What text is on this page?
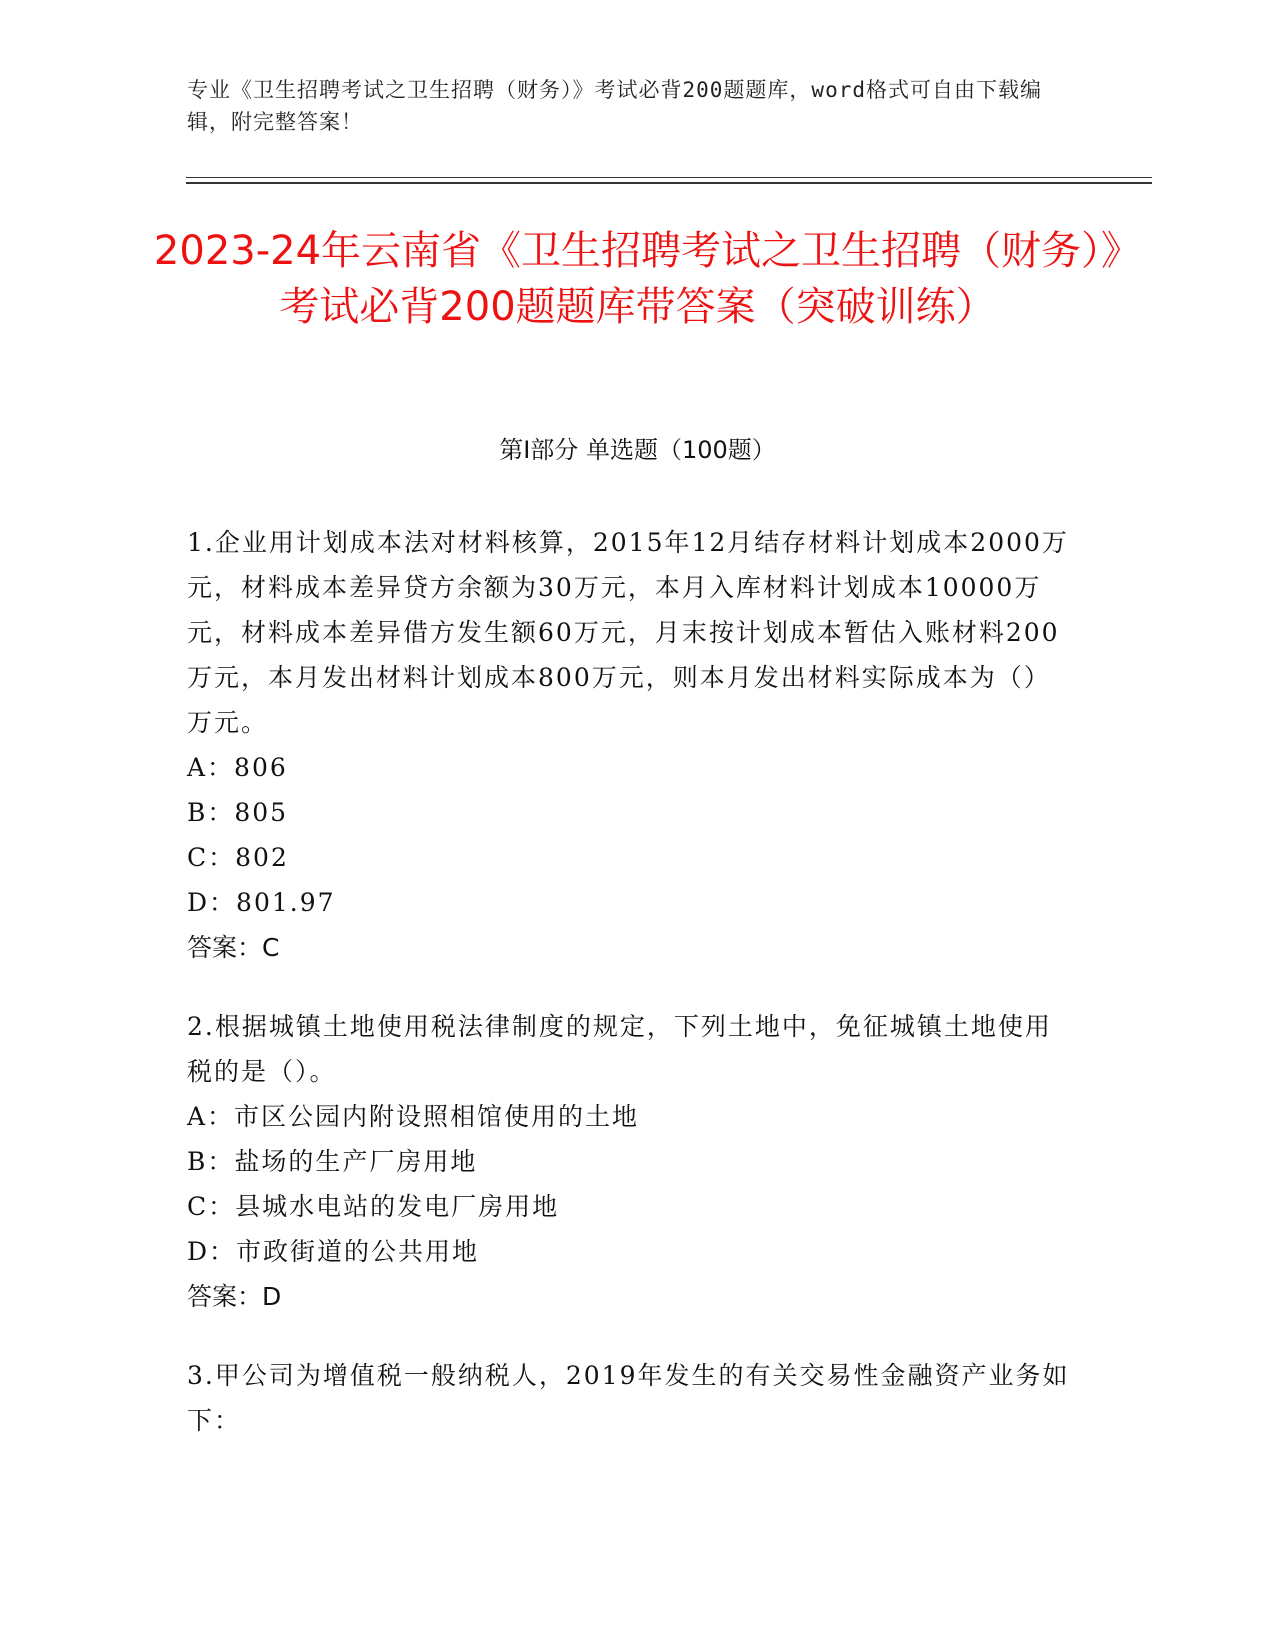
专业《卫生招聘考试之卫生招聘（财务）》考试必背200题题库，word格式可自由下载编辑，附完整答案！
2023-24年云南省《卫生招聘考试之卫生招聘（财务）》考试必背200题题库带答案（突破训练）
第I部分 单选题（100题）

1.企业用计划成本法对材料核算，2015年12月结存材料计划成本2000万元，材料成本差异贷方余额为30万元，本月入库材料计划成本10000万元，材料成本差异借方发生额60万元，月末按计划成本暂估入账材料200万元，本月发出材料计划成本800万元，则本月发出材料实际成本为（）万元。

A：806

B：805

C：802

D：801.97

答案：C

2.根据城镇土地使用税法律制度的规定，下列土地中，免征城镇土地使用税的是（）。

A：市区公园内附设照相馆使用的土地

B：盐场的生产厂房用地

C：县城水电站的发电厂房用地

D：市政街道的公共用地

答案：D

3.甲公司为增值税一般纳税人，2019年发生的有关交易性金融资产业务如下：
